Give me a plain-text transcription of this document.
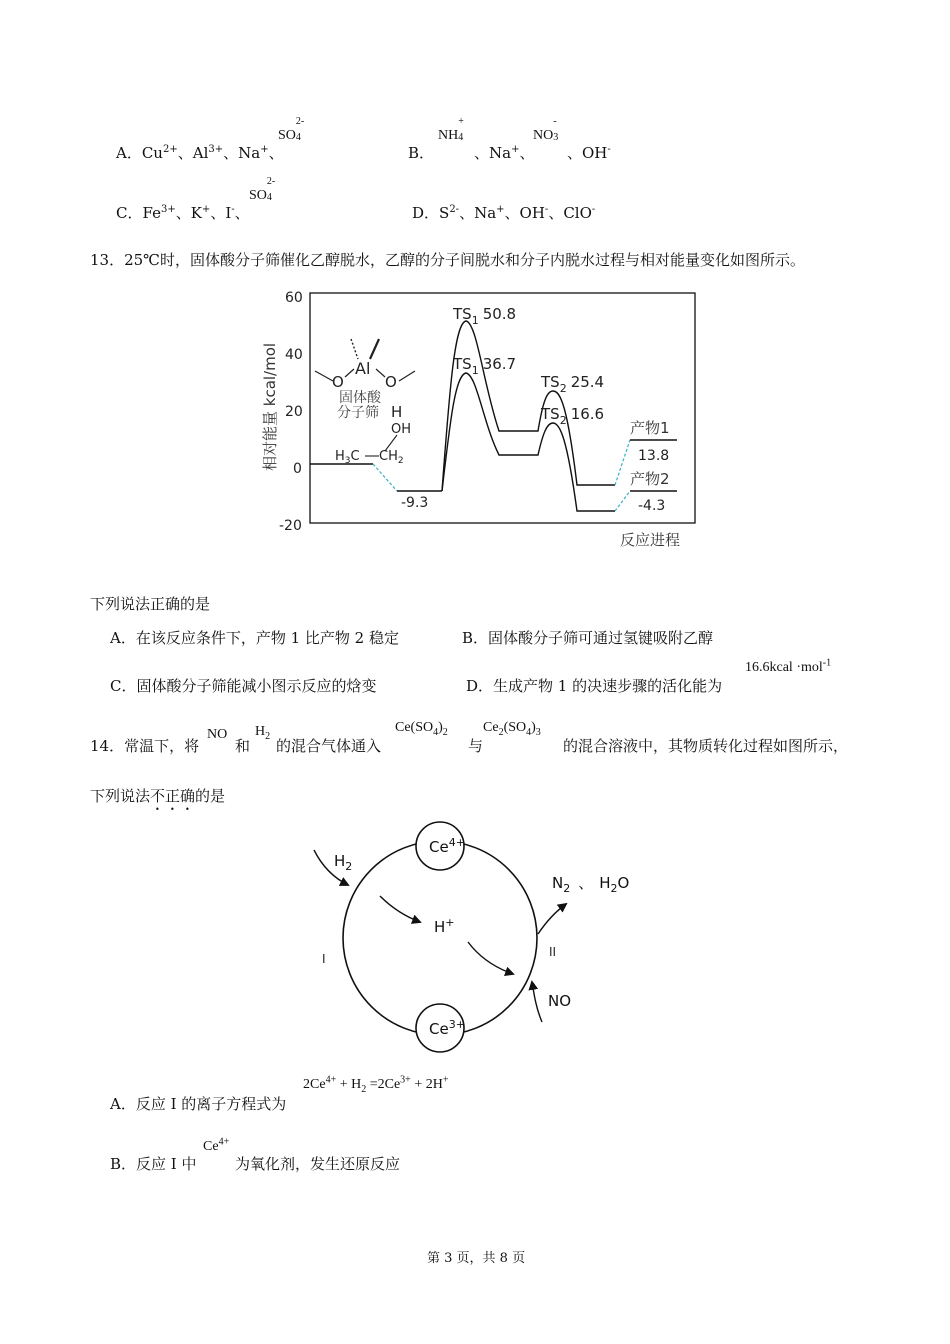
A．$Cu^{2+}$、$Al^{3+}$、Na+、
SO
2-
4
B．
NH
+
4
、Na+、
NO
-
3
、OH-
C．$Fe^{3+}$、K+、I-、
SO
2-
4
D．$S^{2-}$、Na+、OH-、ClO-
13．25℃时，固体酸分子筛催化乙醇脱水，乙醇的分子间脱水和分子内脱水过程与相对能量变化如图所示。
60
40
20
0
-20
相对能量 kcal/mol
反应进程
-9.3
$TS_1$ 50.8
$TS_1$ 36.7
$TS_2$ 25.4
$TS_2$ 16.6
产物1
13.8
产物2
-4.3
Al
O	O
固体酸
分子筛 H
OH
$H_3C$ $CH_2$
下列说法正确的是
A．在该反应条件下，产物 1 比产物 2 稳定	B．固体酸分子筛可通过氢键吸附乙醇
C．固体酸分子筛能减小图示反应的焓变	D．生成产物 1 的决速步骤的活化能为
16.6kcal ·mol$^{-1}$
14．常温下，将
NO
和
$H_2$
的混合气体通入
$Ce(SO_4)_2$
与
$Ce_2(SO_4)_3$
的混合溶液中，其物质转化过程如图所示，
下列说法不正确的是
$Ce^{4+}$
$Ce^{3+}$
$H_2$
H+
$N_2$ 、 $H_2O$
NO
I	II
A．反应 I 的离子方程式为
$2Ce^{4+} + H_2 =2Ce^{3+} + 2H^+$
B．反应 I 中
$Ce^{4+}$
为氧化剂，发生还原反应
第 3 页，共 8 页
